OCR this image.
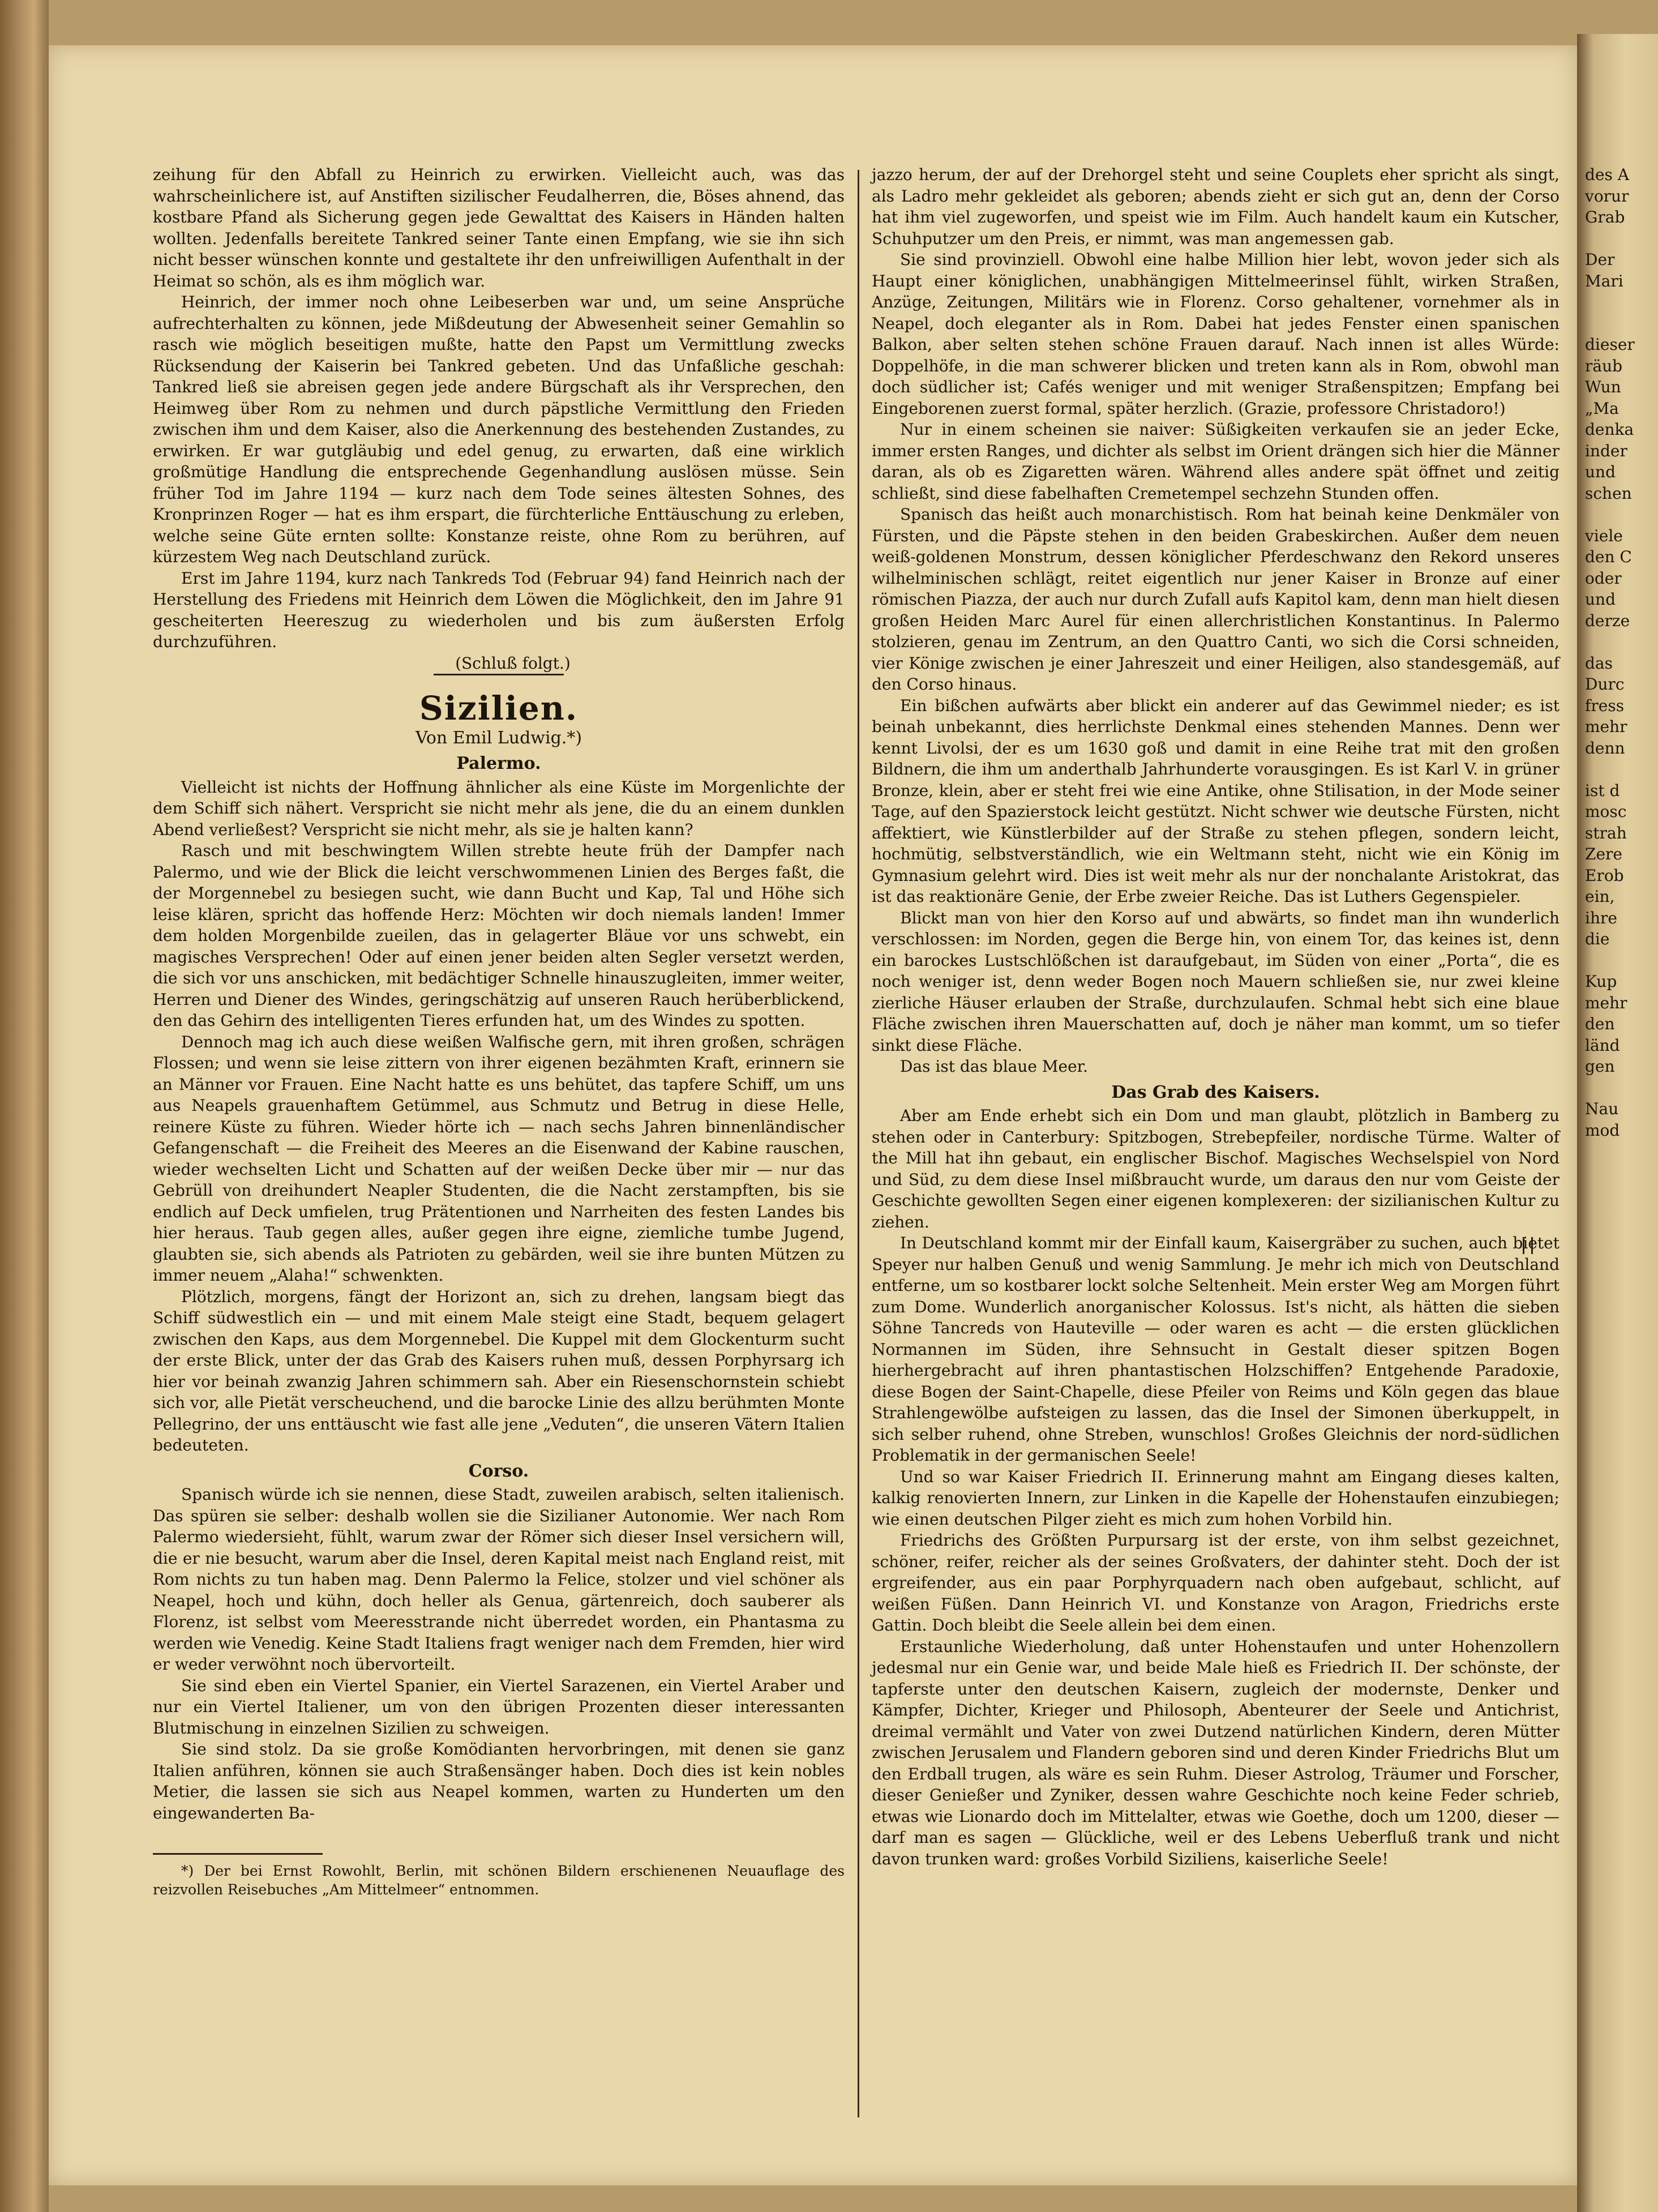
des A
vorur
Grab

Der
Mari

dieser
räub
Wun
„Ma
denka
inder
und
schen

viele
den C
oder
und
derze

das
Durc
fress
mehr
denn

ist d
mosc
strah
Zere
Erob
ein,
ihre
die

Kup
mehr
den
länd
gen

Nau
mod

zeihung für den Abfall zu Heinrich zu erwirken. Vielleicht auch, was das wahrscheinlichere ist, auf Anstiften sizilischer Feudalherren, die, Böses ahnend, das kostbare Pfand als Sicherung gegen jede Gewalttat des Kaisers in Händen halten wollten. Jedenfalls bereitete Tankred seiner Tante einen Empfang, wie sie ihn sich nicht besser wünschen konnte und gestaltete ihr den unfreiwilligen Aufenthalt in der Heimat so schön, als es ihm möglich war.

Heinrich, der immer noch ohne Leibeserben war und, um seine Ansprüche aufrechterhalten zu können, jede Mißdeutung der Abwesenheit seiner Gemahlin so rasch wie möglich beseitigen mußte, hatte den Papst um Vermittlung zwecks Rücksendung der Kaiserin bei Tankred gebeten. Und das Unfaßliche geschah: Tankred ließ sie abreisen gegen jede andere Bürgschaft als ihr Versprechen, den Heimweg über Rom zu nehmen und durch päpstliche Vermittlung den Frieden zwischen ihm und dem Kaiser, also die Anerkennung des bestehenden Zustandes, zu erwirken. Er war gutgläubig und edel genug, zu erwarten, daß eine wirklich großmütige Handlung die entsprechende Gegenhandlung auslösen müsse. Sein früher Tod im Jahre 1194 — kurz nach dem Tode seines ältesten Sohnes, des Kronprinzen Roger — hat es ihm erspart, die fürchterliche Enttäuschung zu erleben, welche seine Güte ernten sollte: Konstanze reiste, ohne Rom zu berühren, auf kürzestem Weg nach Deutschland zurück.

Erst im Jahre 1194, kurz nach Tankreds Tod (Februar 94) fand Heinrich nach der Herstellung des Friedens mit Heinrich dem Löwen die Möglichkeit, den im Jahre 91 gescheiterten Heereszug zu wiederholen und bis zum äußersten Erfolg durchzuführen.

(Schluß folgt.)

Sizilien.
Von Emil Ludwig.*)
Palermo.

Vielleicht ist nichts der Hoffnung ähnlicher als eine Küste im Morgenlichte der dem Schiff sich nähert. Verspricht sie nicht mehr als jene, die du an einem dunklen Abend verließest? Verspricht sie nicht mehr, als sie je halten kann?

Rasch und mit beschwingtem Willen strebte heute früh der Dampfer nach Palermo, und wie der Blick die leicht verschwommenen Linien des Berges faßt, die der Morgennebel zu besiegen sucht, wie dann Bucht und Kap, Tal und Höhe sich leise klären, spricht das hoffende Herz: Möchten wir doch niemals landen! Immer dem holden Morgenbilde zueilen, das in gelagerter Bläue vor uns schwebt, ein magisches Versprechen! Oder auf einen jener beiden alten Segler versetzt werden, die sich vor uns anschicken, mit bedächtiger Schnelle hinauszugleiten, immer weiter, Herren und Diener des Windes, geringschätzig auf unseren Rauch herüberblickend, den das Gehirn des intelligenten Tieres erfunden hat, um des Windes zu spotten.

Dennoch mag ich auch diese weißen Walfische gern, mit ihren großen, schrägen Flossen; und wenn sie leise zittern von ihrer eigenen bezähmten Kraft, erinnern sie an Männer vor Frauen. Eine Nacht hatte es uns behütet, das tapfere Schiff, um uns aus Neapels grauenhaftem Getümmel, aus Schmutz und Betrug in diese Helle, reinere Küste zu führen. Wieder hörte ich — nach sechs Jahren binnenländischer Gefangenschaft — die Freiheit des Meeres an die Eisenwand der Kabine rauschen, wieder wechselten Licht und Schatten auf der weißen Decke über mir — nur das Gebrüll von dreihundert Neapler Studenten, die die Nacht zerstampften, bis sie endlich auf Deck umfielen, trug Prätentionen und Narrheiten des festen Landes bis hier heraus. Taub gegen alles, außer gegen ihre eigne, ziemliche tumbe Jugend, glaubten sie, sich abends als Patrioten zu gebärden, weil sie ihre bunten Mützen zu immer neuem „Alaha!“ schwenkten.

Plötzlich, morgens, fängt der Horizont an, sich zu drehen, langsam biegt das Schiff südwestlich ein — und mit einem Male steigt eine Stadt, bequem gelagert zwischen den Kaps, aus dem Morgennebel. Die Kuppel mit dem Glockenturm sucht der erste Blick, unter der das Grab des Kaisers ruhen muß, dessen Porphyrsarg ich hier vor beinah zwanzig Jahren schimmern sah. Aber ein Riesenschornstein schiebt sich vor, alle Pietät verscheuchend, und die barocke Linie des allzu berühmten Monte Pellegrino, der uns enttäuscht wie fast alle jene „Veduten“, die unseren Vätern Italien bedeuteten.

Corso.

Spanisch würde ich sie nennen, diese Stadt, zuweilen arabisch, selten italienisch. Das spüren sie selber: deshalb wollen sie die Sizilianer Autonomie. Wer nach Rom Palermo wiedersieht, fühlt, warum zwar der Römer sich dieser Insel versichern will, die er nie besucht, warum aber die Insel, deren Kapital meist nach England reist, mit Rom nichts zu tun haben mag. Denn Palermo la Felice, stolzer und viel schöner als Neapel, hoch und kühn, doch heller als Genua, gärtenreich, doch sauberer als Florenz, ist selbst vom Meeresstrande nicht überredet worden, ein Phantasma zu werden wie Venedig. Keine Stadt Italiens fragt weniger nach dem Fremden, hier wird er weder verwöhnt noch übervorteilt.

Sie sind eben ein Viertel Spanier, ein Viertel Sarazenen, ein Viertel Araber und nur ein Viertel Italiener, um von den übrigen Prozenten dieser interessanten Blutmischung in einzelnen Sizilien zu schweigen.

Sie sind stolz. Da sie große Komödianten hervorbringen, mit denen sie ganz Italien anführen, können sie auch Straßensänger haben. Doch dies ist kein nobles Metier, die lassen sie sich aus Neapel kommen, warten zu Hunderten um den eingewanderten Ba-

*) Der bei Ernst Rowohlt, Berlin, mit schönen Bildern erschienenen Neuauflage des reizvollen Reisebuches „Am Mittelmeer“ entnommen.

jazzo herum, der auf der Drehorgel steht und seine Couplets eher spricht als singt, als Ladro mehr gekleidet als geboren; abends zieht er sich gut an, denn der Corso hat ihm viel zugeworfen, und speist wie im Film. Auch handelt kaum ein Kutscher, Schuhputzer um den Preis, er nimmt, was man angemessen gab.

Sie sind provinziell. Obwohl eine halbe Million hier lebt, wovon jeder sich als Haupt einer königlichen, unabhängigen Mittelmeerinsel fühlt, wirken Straßen, Anzüge, Zeitungen, Militärs wie in Florenz. Corso gehaltener, vornehmer als in Neapel, doch eleganter als in Rom. Dabei hat jedes Fenster einen spanischen Balkon, aber selten stehen schöne Frauen darauf. Nach innen ist alles Würde: Doppelhöfe, in die man schwerer blicken und treten kann als in Rom, obwohl man doch südlicher ist; Cafés weniger und mit weniger Straßenspitzen; Empfang bei Eingeborenen zuerst formal, später herzlich. (Grazie, professore Christadoro!)

Nur in einem scheinen sie naiver: Süßigkeiten verkaufen sie an jeder Ecke, immer ersten Ranges, und dichter als selbst im Orient drängen sich hier die Männer daran, als ob es Zigaretten wären. Während alles andere spät öffnet und zeitig schließt, sind diese fabelhaften Cremetempel sechzehn Stunden offen.

Spanisch das heißt auch monarchistisch. Rom hat beinah keine Denkmäler von Fürsten, und die Päpste stehen in den beiden Grabeskirchen. Außer dem neuen weiß-goldenen Monstrum, dessen königlicher Pferdeschwanz den Rekord unseres wilhelminischen schlägt, reitet eigentlich nur jener Kaiser in Bronze auf einer römischen Piazza, der auch nur durch Zufall aufs Kapitol kam, denn man hielt diesen großen Heiden Marc Aurel für einen allerchristlichen Konstantinus. In Palermo stolzieren, genau im Zentrum, an den Quattro Canti, wo sich die Corsi schneiden, vier Könige zwischen je einer Jahreszeit und einer Heiligen, also standesgemäß, auf den Corso hinaus.

Ein bißchen aufwärts aber blickt ein anderer auf das Gewimmel nieder; es ist beinah unbekannt, dies herrlichste Denkmal eines stehenden Mannes. Denn wer kennt Livolsi, der es um 1630 goß und damit in eine Reihe trat mit den großen Bildnern, die ihm um anderthalb Jahrhunderte vorausgingen. Es ist Karl V. in grüner Bronze, klein, aber er steht frei wie eine Antike, ohne Stilisation, in der Mode seiner Tage, auf den Spazierstock leicht gestützt. Nicht schwer wie deutsche Fürsten, nicht affektiert, wie Künstlerbilder auf der Straße zu stehen pflegen, sondern leicht, hochmütig, selbstverständlich, wie ein Weltmann steht, nicht wie ein König im Gymnasium gelehrt wird. Dies ist weit mehr als nur der nonchalante Aristokrat, das ist das reaktionäre Genie, der Erbe zweier Reiche. Das ist Luthers Gegenspieler.

Blickt man von hier den Korso auf und abwärts, so findet man ihn wunderlich verschlossen: im Norden, gegen die Berge hin, von einem Tor, das keines ist, denn ein barockes Lustschlößchen ist daraufgebaut, im Süden von einer „Porta“, die es noch weniger ist, denn weder Bogen noch Mauern schließen sie, nur zwei kleine zierliche Häuser erlauben der Straße, durchzulaufen. Schmal hebt sich eine blaue Fläche zwischen ihren Mauerschatten auf, doch je näher man kommt, um so tiefer sinkt diese Fläche.

Das ist das blaue Meer.

Das Grab des Kaisers.

Aber am Ende erhebt sich ein Dom und man glaubt, plötzlich in Bamberg zu stehen oder in Canterbury: Spitzbogen, Strebepfeiler, nordische Türme. Walter of the Mill hat ihn gebaut, ein englischer Bischof. Magisches Wechselspiel von Nord und Süd, zu dem diese Insel mißbraucht wurde, um daraus den nur vom Geiste der Geschichte gewollten Segen einer eigenen komplexeren: der sizilianischen Kultur zu ziehen.

In Deutschland kommt mir der Einfall kaum, Kaisergräber zu suchen, auch bietet Speyer nur halben Genuß und wenig Sammlung. Je mehr ich mich von Deutschland entferne, um so kostbarer lockt solche Seltenheit. Mein erster Weg am Morgen führt zum Dome. Wunderlich anorganischer Kolossus. Ist's nicht, als hätten die sieben Söhne Tancreds von Hauteville — oder waren es acht — die ersten glücklichen Normannen im Süden, ihre Sehnsucht in Gestalt dieser spitzen Bogen hierhergebracht auf ihren phantastischen Holzschiffen? Entgehende Paradoxie, diese Bogen der Saint-Chapelle, diese Pfeiler von Reims und Köln gegen das blaue Strahlengewölbe aufsteigen zu lassen, das die Insel der Simonen überkuppelt, in sich selber ruhend, ohne Streben, wunschlos! Großes Gleichnis der nord-südlichen Problematik in der germanischen Seele!

Und so war Kaiser Friedrich II. Erinnerung mahnt am Eingang dieses kalten, kalkig renovierten Innern, zur Linken in die Kapelle der Hohenstaufen einzubiegen; wie einen deutschen Pilger zieht es mich zum hohen Vorbild hin.

Friedrichs des Größten Purpursarg ist der erste, von ihm selbst gezeichnet, schöner, reifer, reicher als der seines Großvaters, der dahinter steht. Doch der ist ergreifender, aus ein paar Porphyrquadern nach oben aufgebaut, schlicht, auf weißen Füßen. Dann Heinrich VI. und Konstanze von Aragon, Friedrichs erste Gattin. Doch bleibt die Seele allein bei dem einen.

Erstaunliche Wiederholung, daß unter Hohenstaufen und unter Hohenzollern jedesmal nur ein Genie war, und beide Male hieß es Friedrich II. Der schönste, der tapferste unter den deutschen Kaisern, zugleich der modernste, Denker und Kämpfer, Dichter, Krieger und Philosoph, Abenteurer der Seele und Antichrist, dreimal vermählt und Vater von zwei Dutzend natürlichen Kindern, deren Mütter zwischen Jerusalem und Flandern geboren sind und deren Kinder Friedrichs Blut um den Erdball trugen, als wäre es sein Ruhm. Dieser Astrolog, Träumer und Forscher, dieser Genießer und Zyniker, dessen wahre Geschichte noch keine Feder schrieb, etwas wie Lionardo doch im Mittelalter, etwas wie Goethe, doch um 1200, dieser — darf man es sagen — Glückliche, weil er des Lebens Ueberfluß trank und nicht davon trunken ward: großes Vorbild Siziliens, kaiserliche Seele!
